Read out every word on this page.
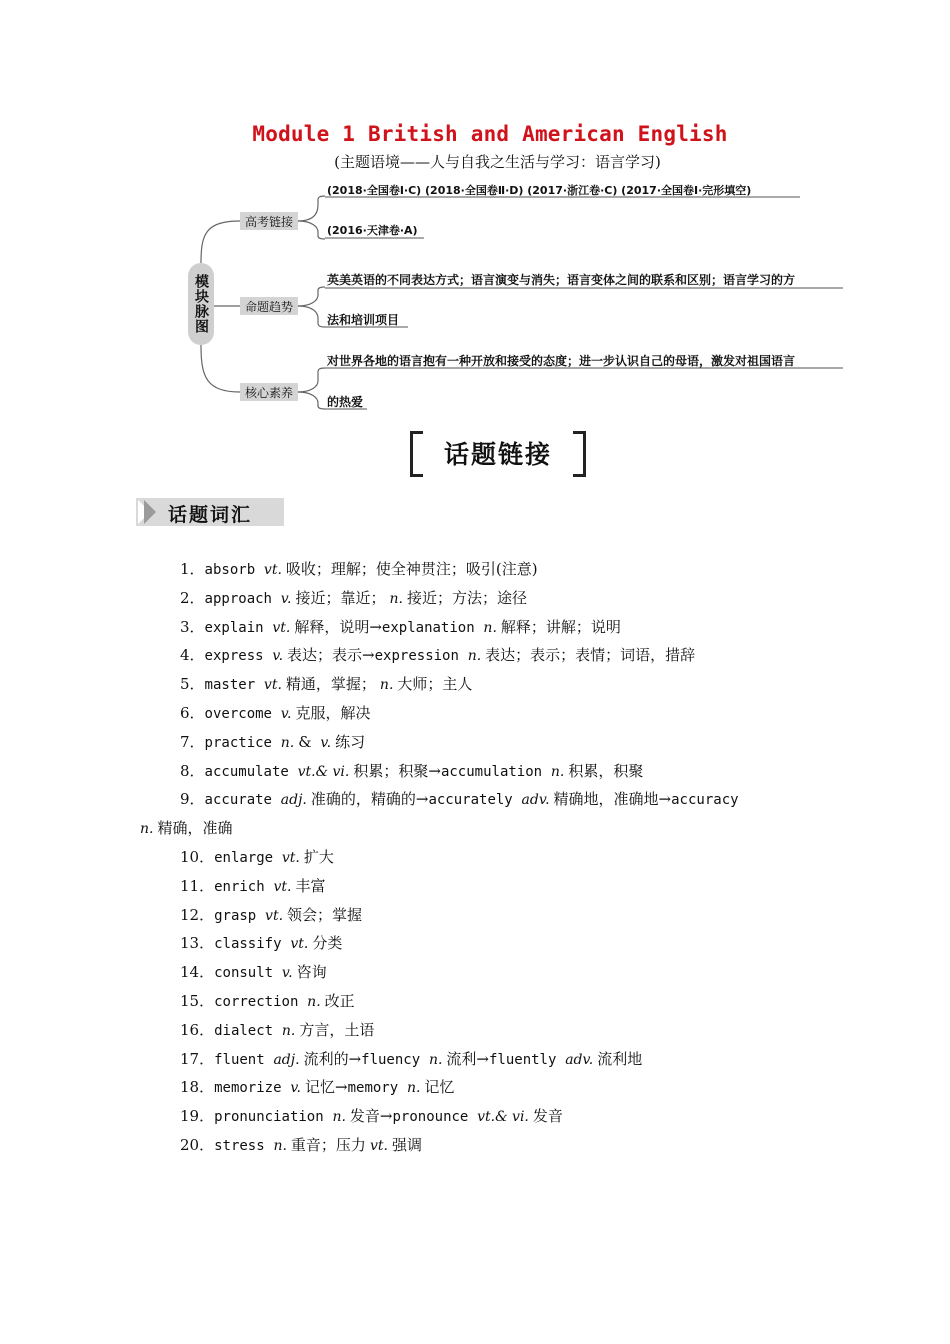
Module 1 British and American English
(主题语境——人与自我之生活与学习：语言学习)
模块脉图
高考链接
命题趋势
核心素养
(2018·全国卷Ⅰ·C) (2018·全国卷Ⅱ·D) (2017·浙江卷·C) (2017·全国卷Ⅰ·完形填空)
(2016·天津卷·A)
英美英语的不同表达方式；语言演变与消失；语言变体之间的联系和区别；语言学习的方
法和培训项目
对世界各地的语言抱有一种开放和接受的态度；进一步认识自己的母语，激发对祖国语言
的热爱
话题链接
话题词汇
1．absorb vt. 吸收；理解；使全神贯注；吸引(注意)
2．approach v. 接近；靠近； n. 接近；方法；途径
3．explain vt. 解释，说明→explanation n. 解释；讲解；说明
4．express v. 表达；表示→expression n. 表达；表示；表情；词语，措辞
5．master vt. 精通，掌握； n. 大师；主人
6．overcome v. 克服，解决
7．practice n. & v. 练习
8．accumulate vt.& vi. 积累；积聚→accumulation n. 积累，积聚
9．accurate adj. 准确的，精确的→accurately adv. 精确地，准确地→accuracy
n. 精确，准确
10．enlarge vt. 扩大
11．enrich vt. 丰富
12．grasp vt. 领会；掌握
13．classify vt. 分类
14．consult v. 咨询
15．correction n. 改正
16．dialect n. 方言，土语
17．fluent adj. 流利的→fluency n. 流利→fluently adv. 流利地
18．memorize v. 记忆→memory n. 记忆
19．pronunciation n. 发音→pronounce vt.& vi. 发音
20．stress n. 重音；压力 vt. 强调
